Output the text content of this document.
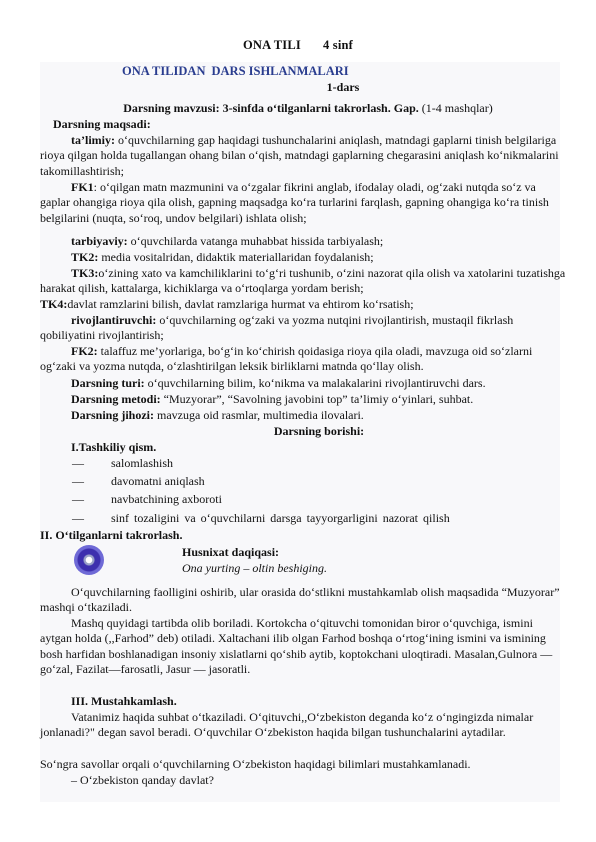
ONA TILI 4 sinf
ONA TILIDAN DARS ISHLANMALARI
1-dars

Darsning mavzusi: 3-sinfda o‘tilganlarni takrorlash. Gap. (1-4 mashqlar)

Darsning maqsadi:

ta’limiy: o‘quvchilarning gap haqidagi tushunchalarini aniqlash, matndagi gaplarni tinish belgilariga rioya qilgan holda tugallangan ohang bilan o‘qish, matndagi gaplarning chegarasini aniqlash ko‘nikmalarini takomillashtirish;

FK1: o‘qilgan matn mazmunini va o‘zgalar fikrini anglab, ifodalay oladi, og‘zaki nutqda so‘z va gaplar ohangiga rioya qila olish, gapning maqsadga ko‘ra turlarini farqlash, gapning ohangiga ko‘ra tinish belgilarini (nuqta, so‘roq, undov belgilari) ishlata olish;

tarbiyaviy: o‘quvchilarda vatanga muhabbat hissida tarbiyalash;

TK2: media vositalridan, didaktik materiallaridan foydalanish;

TK3:o‘zining xato va kamchiliklarini to‘g‘ri tushunib, o‘zini nazorat qila olish va xatolarini tuzatishga harakat qilish, kattalarga, kichiklarga va o‘rtoqlarga yordam berish;

TK4:davlat ramzlarini bilish, davlat ramzlariga hurmat va ehtirom ko‘rsatish;

rivojlantiruvchi: o‘quvchilarning og‘zaki va yozma nutqini rivojlantirish, mustaqil fikrlash qobiliyatini rivojlantirish;

FK2: talaffuz me’yorlariga, bo‘g‘in ko‘chirish qoidasiga rioya qila oladi, mavzuga oid so‘zlarni og‘zaki va yozma nutqda, o‘zlashtirilgan leksik birliklarni matnda qo‘llay olish.

Darsning turi: o‘quvchilarning bilim, ko‘nikma va malakalarini rivojlantiruvchi dars.

Darsning metodi: “Muzyorar”, “Savolning javobini top” ta’limiy o‘yinlari, suhbat.

Darsning jihozi: mavzuga oid rasmlar, multimedia ilovalari.

Darsning borishi:

I.Tashkiliy qism.

— salomlashish
— davomatni aniqlash
— navbatchining axboroti
— sinf tozaligini va o‘quvchilarni darsga tayyorgarligini nazorat qilish

II. O‘tilganlarni takrorlash.

Husnixat daqiqasi:

Ona yurting – oltin beshiging.

O‘quvchilarning faolligini oshirib, ular orasida do‘stlikni mustahkamlab olish maqsadida “Muzyorar” mashqi o‘tkaziladi.

Mashq quyidagi tartibda olib boriladi. Kortokcha o‘qituvchi tomonidan biror o‘quvchiga, ismini aytgan holda (,,Farhod” deb) otiladi. Xaltachani ilib olgan Farhod boshqa o‘rtog‘ining ismini va ismining bosh harfidan boshlanadigan insoniy xislatlarni qo‘shib aytib, koptokchani uloqtiradi. Masalan,Gulnora — go‘zal, Fazilat—farosatli, Jasur — jasoratli.

III. Mustahkamlash.

Vatanimiz haqida suhbat o‘tkaziladi. O‘qituvchi,,O‘zbekiston deganda ko‘z o‘ngingizda nimalar jonlanadi?" degan savol beradi. O‘quvchilar O‘zbekiston haqida bilgan tushunchalarini aytadilar.

So‘ngra savollar orqali o‘quvchilarning O‘zbekiston haqidagi bilimlari mustahkamlanadi.

– O‘zbekiston qanday davlat?
